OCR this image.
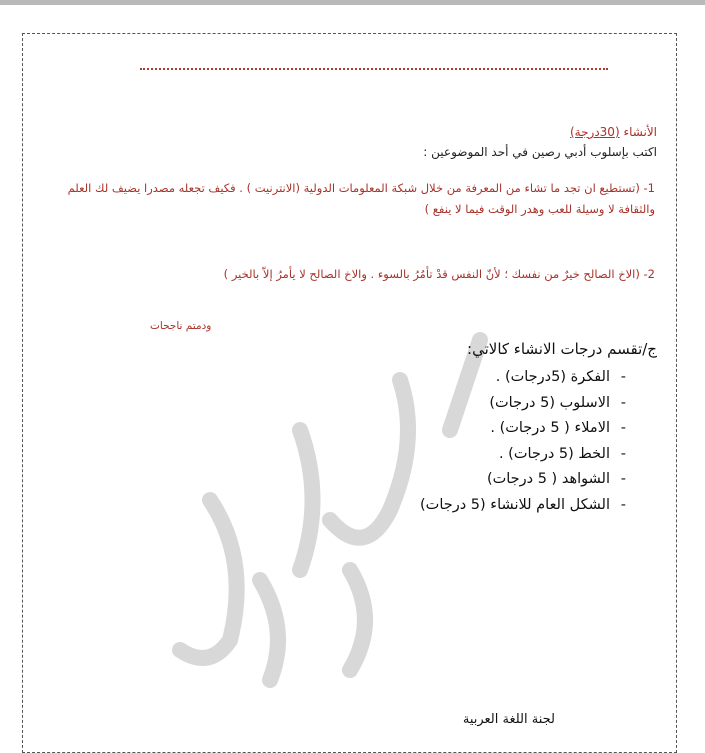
الأنشاء (30درجة)
اكتب بإسلوب أدبي رصين في أحد الموضوعين :
1- (تستطيع ان تجد ما تشاء من المعرفة من خلال شبكة المعلومات الدولية (الانترنيت ) . فكيف تجعله مصدرا يضيف لك العلم والثقافة لا وسيلة للعب وهدر الوقت فيما لا ينفع )
2- (الاخ الصالح خيرٌ من نفسك ؛ لأنّ النفس قدْ تأمُرُ بالسوء . والاخ الصالح لا يأمرُ إلاّ بالخير )
ودمتم ناجحات
ج/تقسم درجات الانشاء كالاتي:
-
الفكرة (5درجات) .
-
الاسلوب (5 درجات)
-
الاملاء ( 5 درجات) .
-
الخط (5 درجات) .
-
الشواهد ( 5 درجات)
-
الشكل العام للانشاء (5 درجات)
لجنة اللغة العربية
